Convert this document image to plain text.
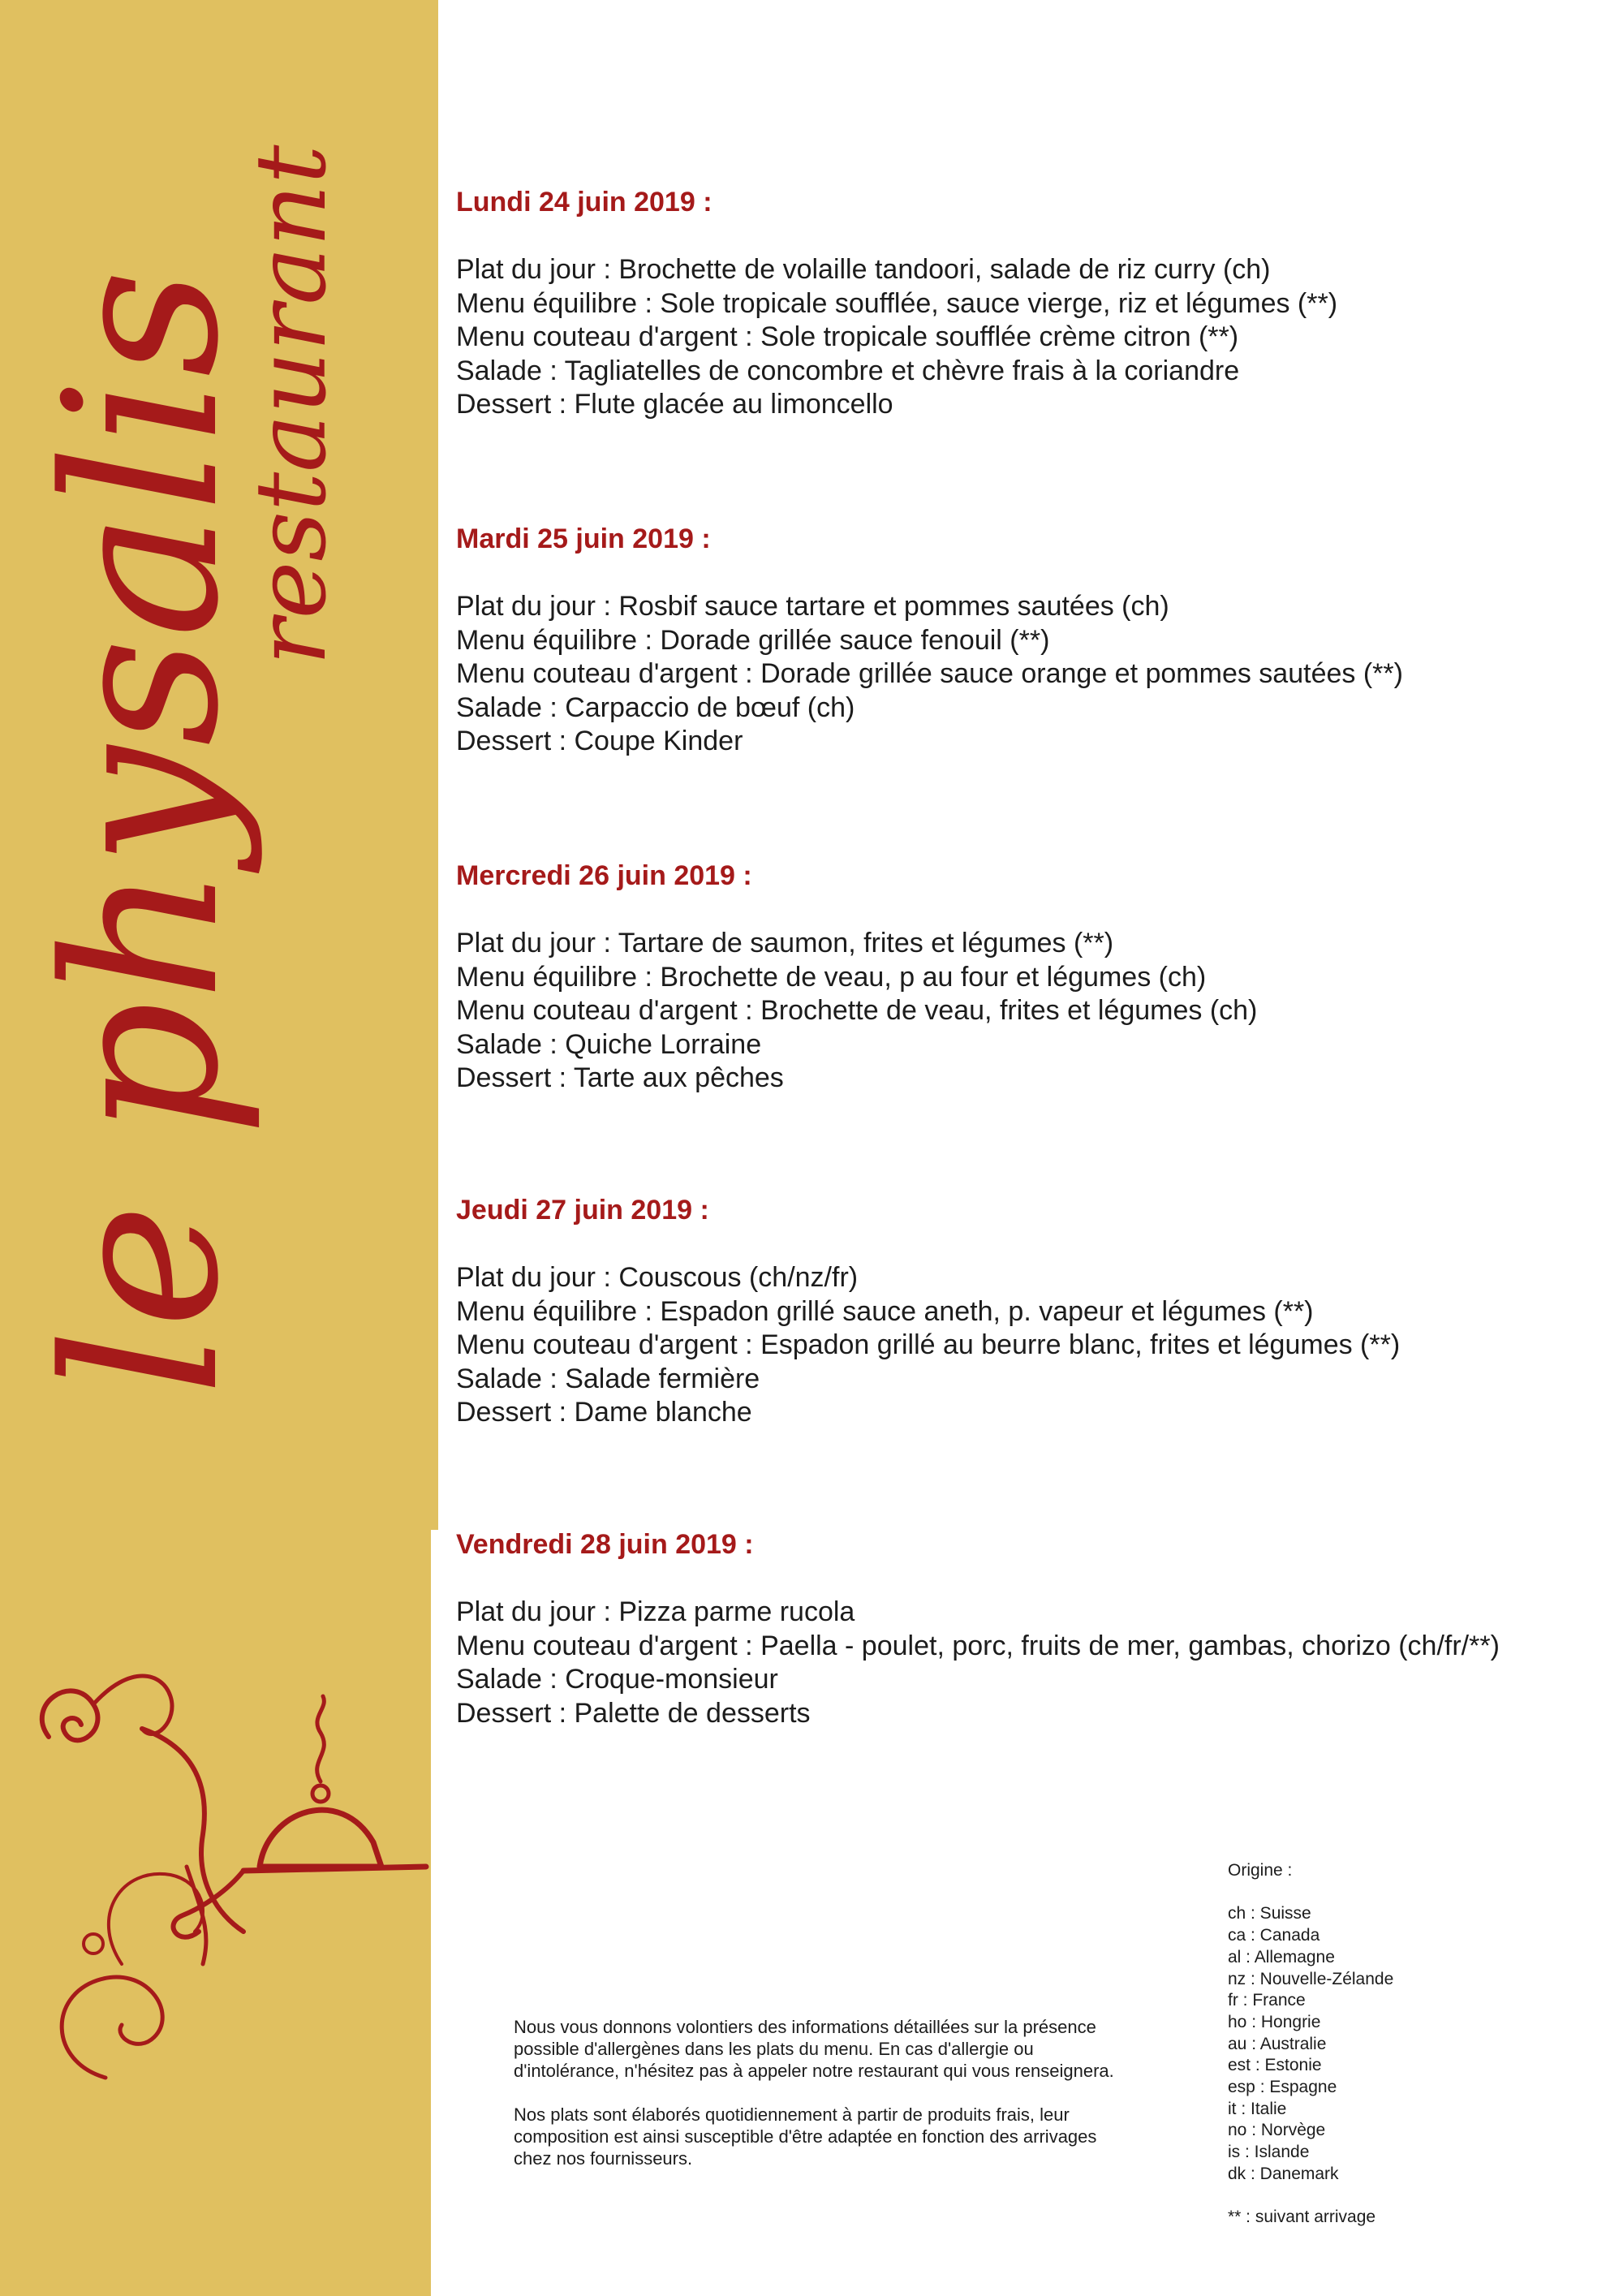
le physalis
restaurant	Lundi 24 juin 2019 :
Plat du jour : Brochette de volaille tandoori, salade de riz curry (ch)
Menu équilibre : Sole tropicale soufflée, sauce vierge, riz et légumes (**)
Menu couteau d'argent : Sole tropicale soufflée crème citron (**)
Salade : Tagliatelles de concombre et chèvre frais à la coriandre
Dessert : Flute glacée au limoncello
Mardi 25 juin 2019 :
Plat du jour : Rosbif sauce tartare et pommes sautées (ch)
Menu équilibre : Dorade grillée sauce fenouil (**)
Menu couteau d'argent : Dorade grillée sauce orange et pommes sautées (**)
Salade : Carpaccio de bœuf (ch)
Dessert : Coupe Kinder
Mercredi 26 juin 2019 :
Plat du jour : Tartare de saumon, frites et légumes (**)
Menu équilibre : Brochette de veau, p au four et légumes (ch)
Menu couteau d'argent : Brochette de veau, frites et légumes (ch)
Salade : Quiche Lorraine
Dessert : Tarte aux pêches
Jeudi 27 juin 2019 :
Plat du jour : Couscous (ch/nz/fr)
Menu équilibre : Espadon grillé sauce aneth, p. vapeur et légumes (**)
Menu couteau d'argent : Espadon grillé au beurre blanc, frites et légumes (**)
Salade : Salade fermière
Dessert : Dame blanche
Vendredi 28 juin 2019 :
Plat du jour : Pizza parme rucola
Menu couteau d'argent : Paella - poulet, porc, fruits de mer, gambas, chorizo (ch/fr/**)
Salade : Croque-monsieur
Dessert : Palette de desserts

Nous vous donnons volontiers des informations détaillées sur la présence possible d'allergènes dans les plats du menu. En cas d'allergie ou d'intolérance, n'hésitez pas à appeler notre restaurant qui vous renseignera.

Nos plats sont élaborés quotidiennement à partir de produits frais, leur composition est ainsi susceptible d'être adaptée en fonction des arrivages chez nos fournisseurs.

Origine :
ch : Suisse
ca : Canada
al : Allemagne
nz : Nouvelle-Zélande
fr : France
ho : Hongrie
au : Australie
est : Estonie
esp : Espagne
it : Italie
no : Norvège
is : Islande
dk : Danemark
** : suivant arrivage
